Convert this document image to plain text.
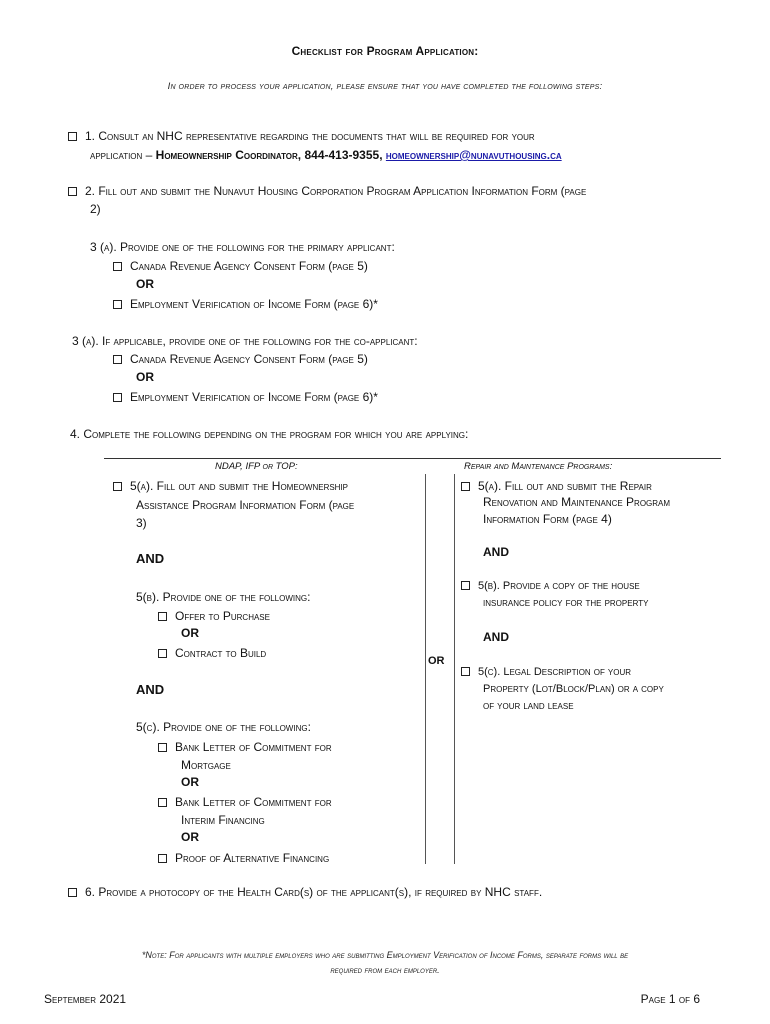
Checklist for Program Application:
In order to process your application, please ensure that you have completed the following steps:
1. Consult an NHC representative regarding the documents that will be required for your
application – Homeownership Coordinator, 844-413-9355, homeownership@nunavuthousing.ca
2. Fill out and submit the Nunavut Housing Corporation Program Application Information Form (page
2)
3 (a). Provide one of the following for the primary applicant:
Canada Revenue Agency Consent Form (page 5)
OR
Employment Verification of Income Form (page 6)*
3 (a). If applicable, provide one of the following for the co-applicant:
Canada Revenue Agency Consent Form (page 5)
OR
Employment Verification of Income Form (page 6)*
4. Complete the following depending on the program for which you are applying:
NDAP, IFP or TOP:	Repair and Maintenance Programs:
OR
5(a). Fill out and submit the Homeownership
Assistance Program Information Form (page
3)
AND
5(b). Provide one of the following:
Offer to Purchase
OR
Contract to Build
AND
5(c). Provide one of the following:
Bank Letter of Commitment for
Mortgage
OR
Bank Letter of Commitment for
Interim Financing
OR
Proof of Alternative Financing
5(a). Fill out and submit the Repair
Renovation and Maintenance Program
Information Form (page 4)
AND
5(b). Provide a copy of the house
insurance policy for the property
AND
5(c). Legal Description of your
Property (Lot/Block/Plan) or a copy
of your land lease
6. Provide a photocopy of the Health Card(s) of the applicant(s), if required by NHC staff.
*Note: For applicants with multiple employers who are submitting Employment Verification of Income Forms, separate forms will be
required from each employer.
September 2021	Page 1 of 6
